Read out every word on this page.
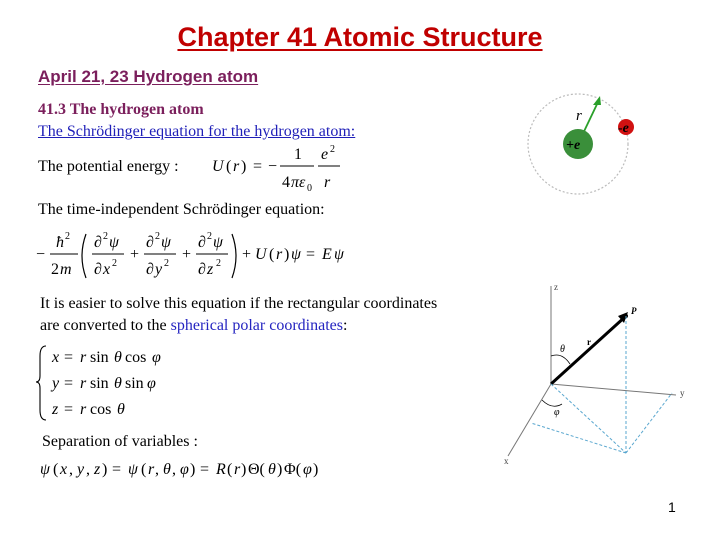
Chapter 41 Atomic Structure
April 21, 23 Hydrogen atom
41.3 The hydrogen atom
The Schrödinger equation for the hydrogen atom:
The potential energy : U ( r ) = −
1
4 πε 0
e 2
r
The time-independent Schrödinger equation:
−
ħ 2
2 m
∂ 2 ψ
∂ x 2
+
∂ 2 ψ
∂ y 2
+
∂ 2 ψ
∂ z 2
+ U ( r ) ψ = E ψ
It is easier to solve this equation if the rectangular coordinates
are converted to the spherical polar coordinates:
x = r sin θ cos φ
y = r sin θ sin φ
z = r cos θ
Separation of variables :
ψ ( x , y , z ) = ψ ( r , θ , φ ) = R ( r ) Θ( θ ) Φ( φ )
r
+e
-e
z
y
x
r
P
θ
φ
1
